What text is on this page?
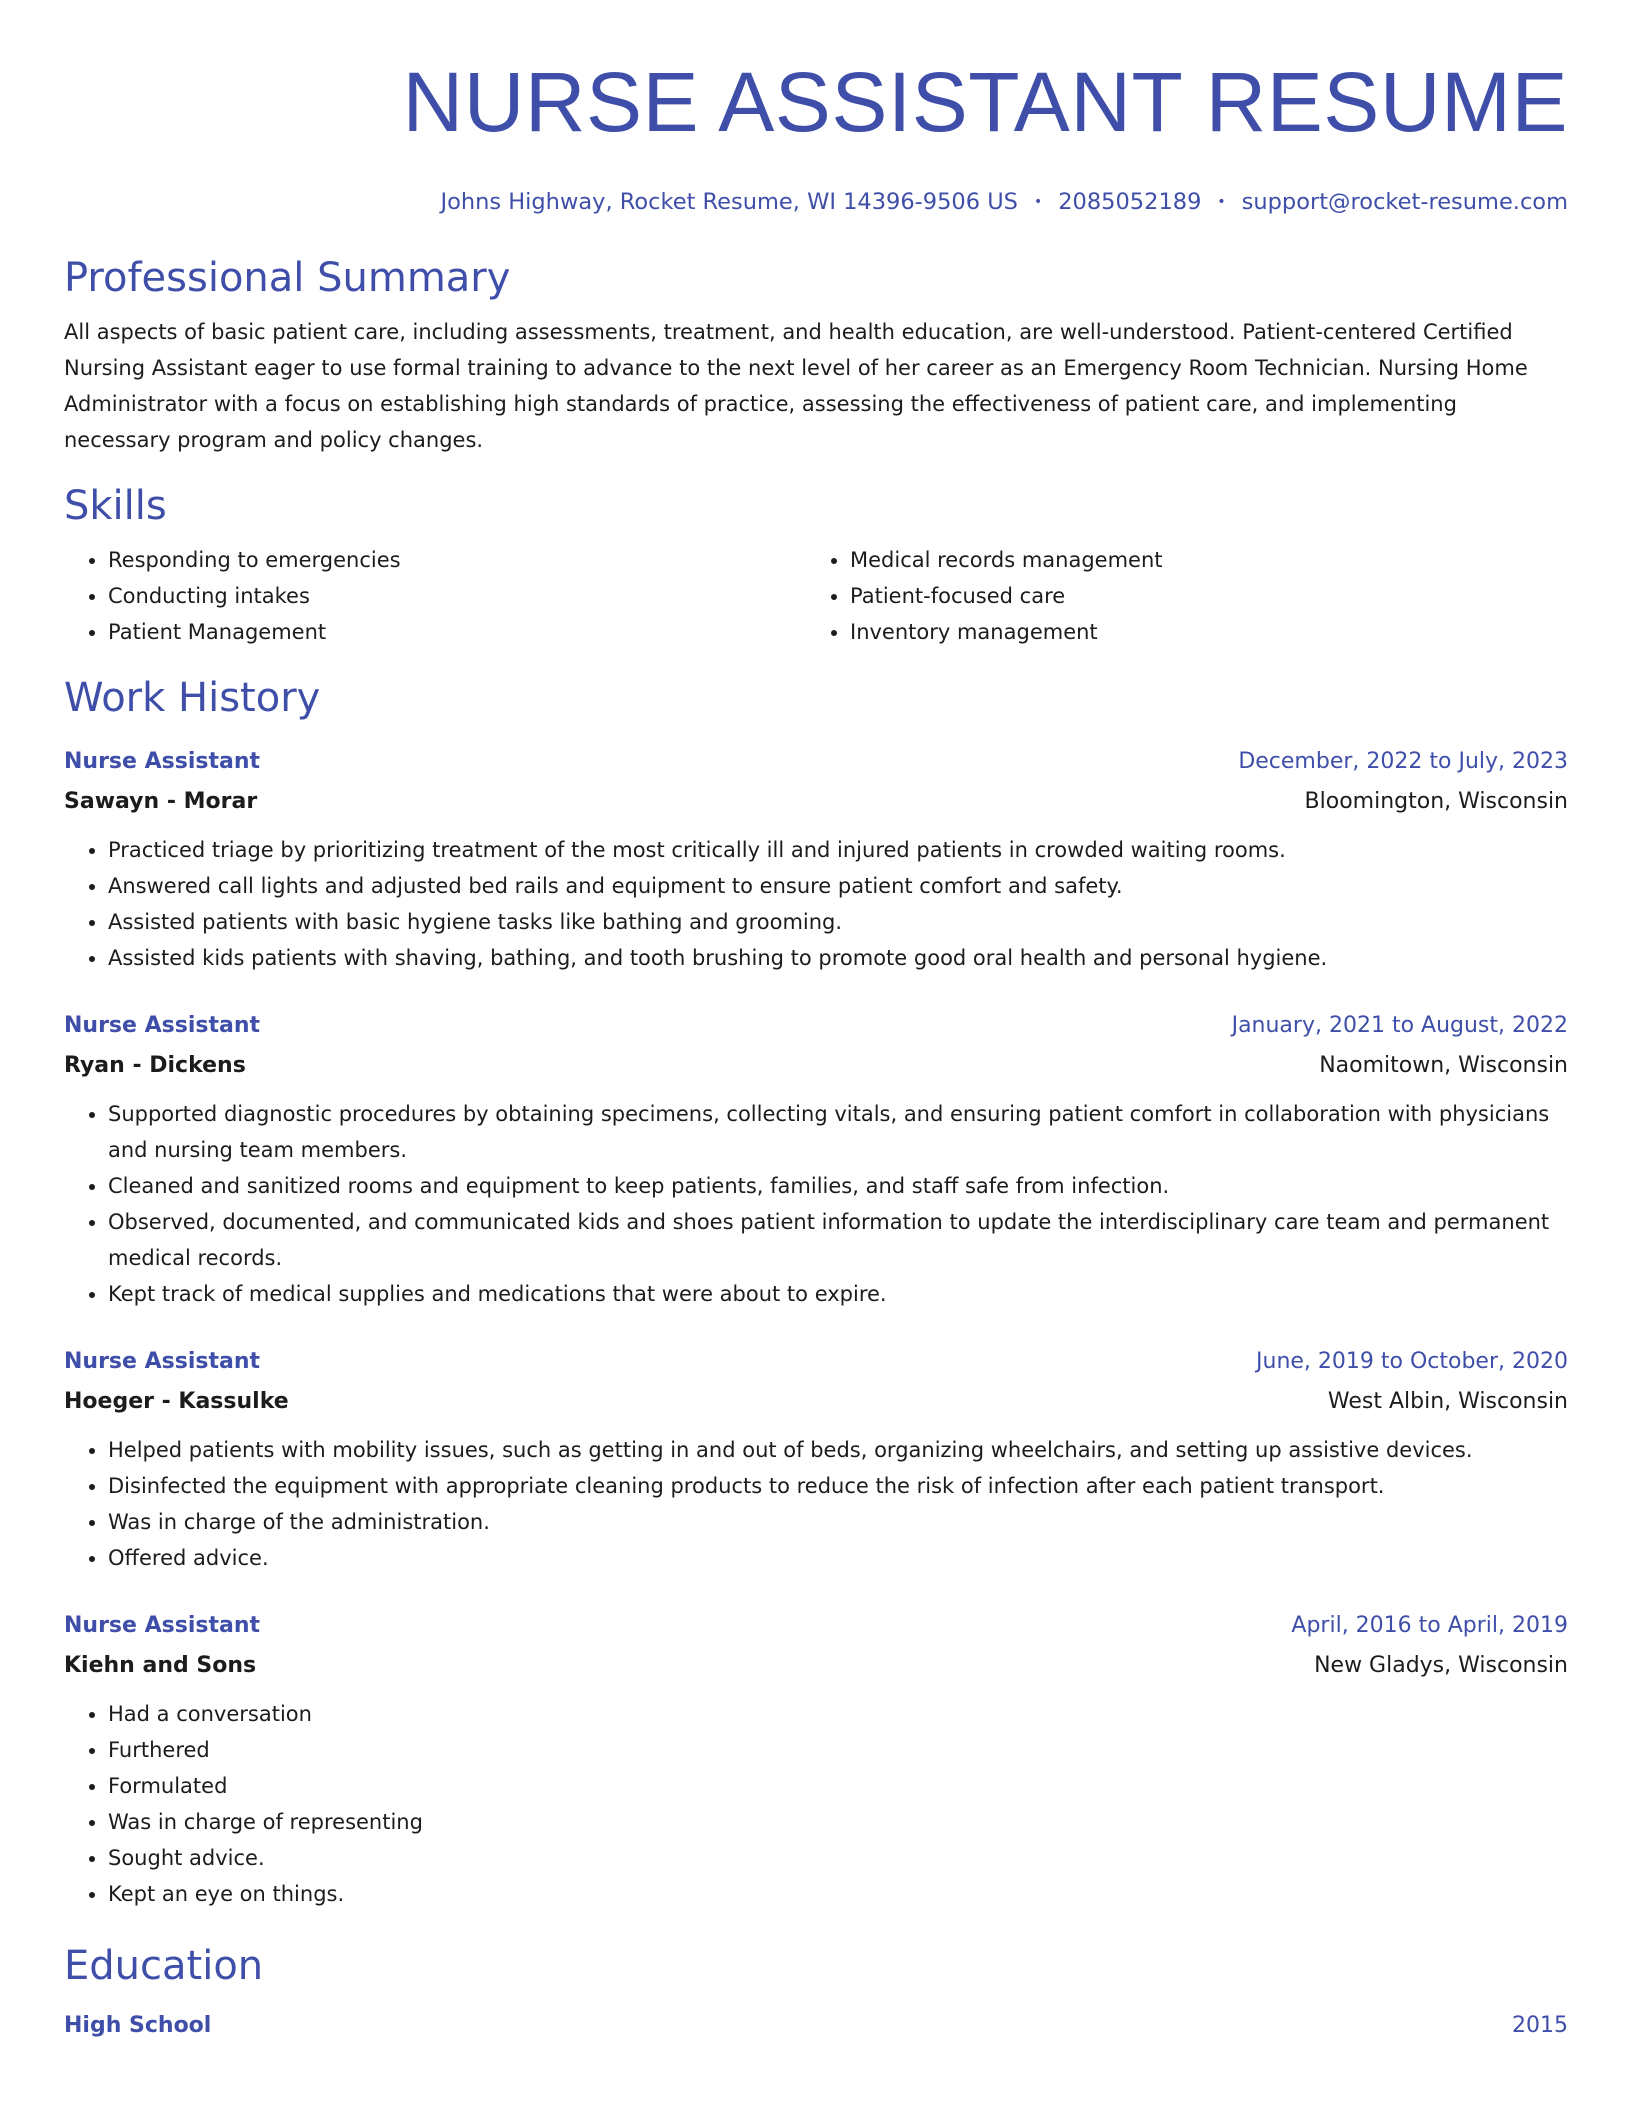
NURSE ASSISTANT RESUME
Johns Highway, Rocket Resume, WI 14396-9506 US • 2085052189 • support@rocket-resume.com
Professional Summary

All aspects of basic patient care, including assessments, treatment, and health education, are well-understood. Patient-centered Certified Nursing Assistant eager to use formal training to advance to the next level of her career as an Emergency Room Technician. Nursing Home Administrator with a focus on establishing high standards of practice, assessing the effectiveness of patient care, and implementing necessary program and policy changes.

Skills
• Responding to emergencies
• Conducting intakes
• Patient Management
• Medical records management
• Patient-focused care
• Inventory management
Work History
Nurse Assistant	December, 2022 to July, 2023
Sawayn - Morar	Bloomington, Wisconsin
• Practiced triage by prioritizing treatment of the most critically ill and injured patients in crowded waiting rooms.
• Answered call lights and adjusted bed rails and equipment to ensure patient comfort and safety.
• Assisted patients with basic hygiene tasks like bathing and grooming.
• Assisted kids patients with shaving, bathing, and tooth brushing to promote good oral health and personal hygiene.
Nurse Assistant	January, 2021 to August, 2022
Ryan - Dickens	Naomitown, Wisconsin
• Supported diagnostic procedures by obtaining specimens, collecting vitals, and ensuring patient comfort in collaboration with physicians and nursing team members.
• Cleaned and sanitized rooms and equipment to keep patients, families, and staff safe from infection.
• Observed, documented, and communicated kids and shoes patient information to update the interdisciplinary care team and permanent medical records.
• Kept track of medical supplies and medications that were about to expire.
Nurse Assistant	June, 2019 to October, 2020
Hoeger - Kassulke	West Albin, Wisconsin
• Helped patients with mobility issues, such as getting in and out of beds, organizing wheelchairs, and setting up assistive devices.
• Disinfected the equipment with appropriate cleaning products to reduce the risk of infection after each patient transport.
• Was in charge of the administration.
• Offered advice.
Nurse Assistant	April, 2016 to April, 2019
Kiehn and Sons	New Gladys, Wisconsin
• Had a conversation
• Furthered
• Formulated
• Was in charge of representing
• Sought advice.
• Kept an eye on things.
Education
High School	2015
